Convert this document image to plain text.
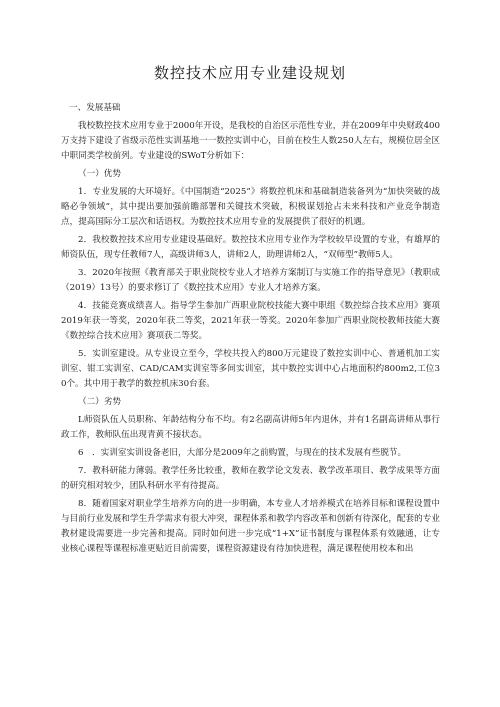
数控技术应用专业建设规划

一、发展基础

我校数控技术应用专业于2000年开设，是我校的自治区示范性专业，并在2009年中央财政400万支持下建设了省级示范性实训基地一一数控实训中心，目前在校生人数250人左右，规模位居全区中职同类学校前列。专业建设的SWoT分析如下：

（一）优势

1．专业发展的大环境好。《中国制造“2025”》将数控机床和基础制造装备列为“加快突破的战略必争领域”，其中提出要加强前瞻部署和关键技术突破，积极谋划抢占未来科技和产业竞争制造点，提高国际分工层次和话语权。为数控技术应用专业的发展提供了很好的机遇。

2．我校数控技术应用专业建设基础好。数控技术应用专业作为学校较早设置的专业，有雄厚的师资队伍，现专任教师7人，高级讲师3人，讲师2人，助理讲师2人，“双师型”教师5人。

3．2020年按照《教育部关于职业院校专业人才培养方案制订与实施工作的指导意见》（教职成（2019）13号）的要求修订了《数控技术应用》专业人才培养方案。

4．技能竞赛成绩喜人。指导学生参加广西职业院校技能大赛中职组《数控综合技术应用》赛项2019年获一等奖，2020年获二等奖，2021年获一等奖。2020年参加广西职业院校教师技能大赛《数控综合技术应用》赛项获二等奖。

5．实训室建设。从专业设立至今，学校共投入约800万元建设了数控实训中心、普通机加工实训室、钳工实训室、CAD/CAM实训室等多间实训室，其中数控实训中心占地面积约800m2,工位30个。其中用于教学的数控机床30台套。

（二）劣势

L师资队伍人员职称、年龄结构分布不均。有2名副高讲师5年内退休，并有1名副高讲师从事行政工作，教师队伍出现青黄不接状态。

6　．实训室实训设备老旧，大部分是2009年之前购置，与现在的技术发展有些脱节。

7．教科研能力薄弱。教学任务比较重，教师在教学论文发表、教学改革项目、教学成果等方面的研究相对较少，团队科研水平有待提高。

8．随着国家对职业学生培养方向的进一步明确，本专业人才培养模式在培养目标和课程设置中与目前行业发展和学生升学需求有很大冲突，课程体系和教学内容改革和创新有待深化，配套的专业教材建设需要进一步完善和提高。同时如何进一步完成“1+X”证书制度与课程体系有效融通，让专业核心课程等课程标准更贴近目前需要，课程资源建设有待加快进程，满足课程使用校本和出
